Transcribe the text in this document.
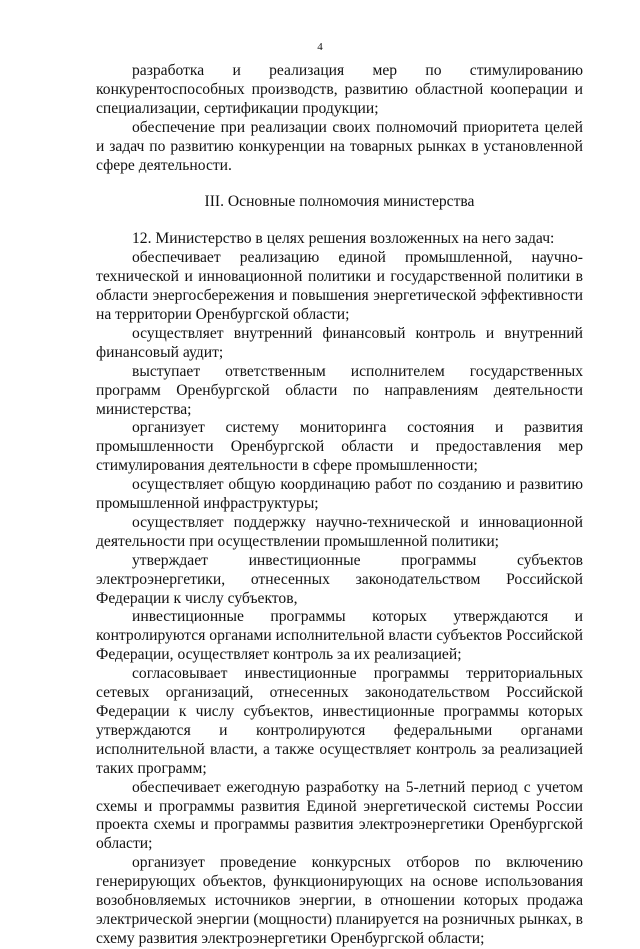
4

разработка и реализация мер по стимулированию конкурентоспособных производств, развитию областной кооперации и специализации, сертификации продукции;

обеспечение при реализации своих полномочий приоритета целей и задач по развитию конкуренции на товарных рынках в установленной сфере деятельности.

III. Основные полномочия министерства

12. Министерство в целях решения возложенных на него задач:

обеспечивает реализацию единой промышленной, научно-технической и инновационной политики и государственной политики в области энергосбережения и повышения энергетической эффективности на территории Оренбургской области;

осуществляет внутренний финансовый контроль и внутренний финансовый аудит;

выступает ответственным исполнителем государственных программ Оренбургской области по направлениям деятельности министерства;

организует систему мониторинга состояния и развития промышленности Оренбургской области и предоставления мер стимулирования деятельности в сфере промышленности;

осуществляет общую координацию работ по созданию и развитию промышленной инфраструктуры;

осуществляет поддержку научно-технической и инновационной деятельности при осуществлении промышленной политики;

утверждает инвестиционные программы субъектов электроэнергетики, отнесенных законодательством Российской Федерации к числу субъектов,

инвестиционные программы которых утверждаются и контролируются органами исполнительной власти субъектов Российской Федерации, осуществляет контроль за их реализацией;

согласовывает инвестиционные программы территориальных сетевых организаций, отнесенных законодательством Российской Федерации к числу субъектов, инвестиционные программы которых утверждаются и контролируются федеральными органами исполнительной власти, а также осуществляет контроль за реализацией таких программ;

обеспечивает ежегодную разработку на 5-летний период с учетом схемы и программы развития Единой энергетической системы России проекта схемы и программы развития электроэнергетики Оренбургской области;

организует проведение конкурсных отборов по включению генерирующих объектов, функционирующих на основе использования возобновляемых источников энергии, в отношении которых продажа электрической энергии (мощности) планируется на розничных рынках, в схему развития электроэнергетики Оренбургской области;
